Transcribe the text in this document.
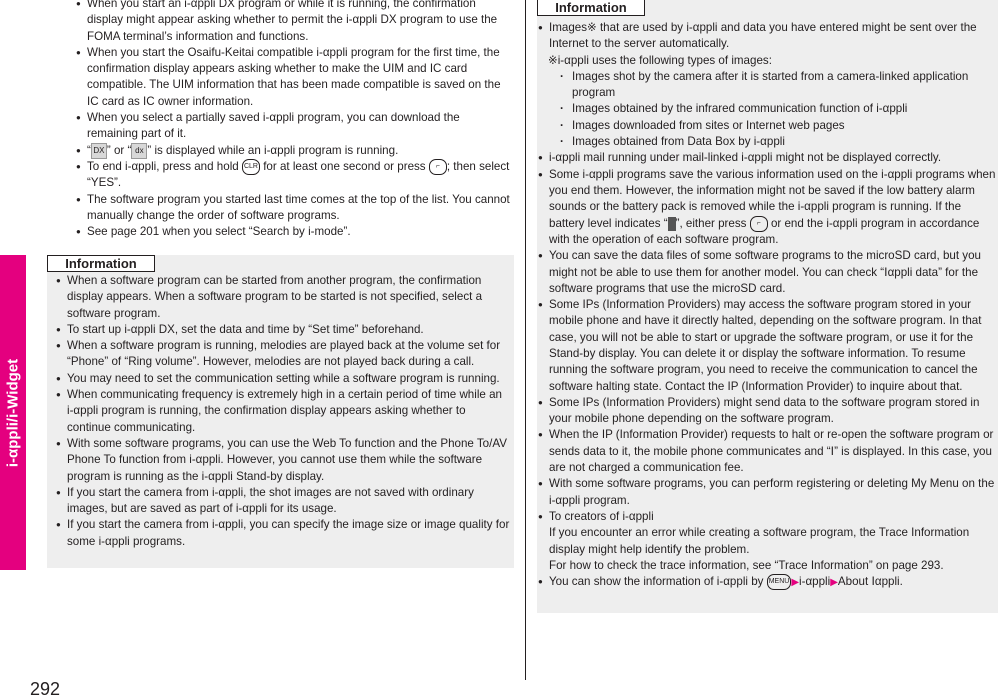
i-αppli/i-Widget
292

● When you start an i-αppli DX program or while it is running, the confirmation display might appear asking whether to permit the i-αppli DX program to use the FOMA terminal’s information and functions.

● When you start the Osaifu-Keitai compatible i-αppli program for the first time, the confirmation display appears asking whether to make the UIM and IC card compatible. The UIM information that has been made compatible is saved on the IC card as IC owner information.

● When you select a partially saved i-αppli program, you can download the remaining part of it.

● “ DX ” or “ dx ” is displayed while an i-αppli program is running.

● To end i-αppli, press and hold CLR for at least one second or press ⌐ ; then select “YES”.

● The software program you started last time comes at the top of the list. You cannot manually change the order of software programs.

● See page 201 when you select “Search by i-mode”.

Information

● When a software program can be started from another program, the confirmation display appears. When a software program to be started is not specified, select a software program.

● To start up i-αppli DX, set the data and time by “Set time” beforehand.

● When a software program is running, melodies are played back at the volume set for “Phone” of “Ring volume”. However, melodies are not played back during a call.

● You may need to set the communication setting while a software program is running.

● When communicating frequency is extremely high in a certain period of time while an i-αppli program is running, the confirmation display appears asking whether to continue communicating.

● With some software programs, you can use the Web To function and the Phone To/AV Phone To function from i-αppli. However, you cannot use them while the software program is running as the i-αppli Stand-by display.

● If you start the camera from i-αppli, the shot images are not saved with ordinary images, but are saved as part of i-αppli for its usage.

● If you start the camera from i-αppli, you can specify the image size or image quality for some i-αppli programs.

Information

● Images※ that are used by i-αppli and data you have entered might be sent over the Internet to the server automatically.

※i-αppli uses the following types of images:

· Images shot by the camera after it is started from a camera-linked application program

· Images obtained by the infrared communication function of i-αppli

· Images downloaded from sites or Internet web pages

· Images obtained from Data Box by i-αppli

● i-αppli mail running under mail-linked i-αppli might not be displayed correctly.

● Some i-αppli programs save the various information used on the i-αppli programs when you end them. However, the information might not be saved if the low battery alarm sounds or the battery pack is removed while the i-αppli program is running. If the battery level indicates “ ”, either press ⌐ or end the i-αppli program in accordance with the operation of each software program.

● You can save the data files of some software programs to the microSD card, but you might not be able to use them for another model. You can check “Ⅰαppli data” for the software programs that use the microSD card.

● Some IPs (Information Providers) may access the software program stored in your mobile phone and have it directly halted, depending on the software program. In that case, you will not be able to start or upgrade the software program, or use it for the Stand-by display. You can delete it or display the software information. To resume running the software program, you need to receive the communication to cancel the software halting state. Contact the IP (Information Provider) to inquire about that.

● Some IPs (Information Providers) might send data to the software program stored in your mobile phone depending on the software program.

● When the IP (Information Provider) requests to halt or re-open the software program or sends data to it, the mobile phone communicates and “Ⅰ” is displayed. In this case, you are not charged a communication fee.

● With some software programs, you can perform registering or deleting My Menu on the i-αppli program.

● To creators of i-αppli
If you encounter an error while creating a software program, the Trace Information display might help identify the problem.
For how to check the trace information, see “Trace Information” on page 293.

● You can show the information of i-αppli by MENU ▶i-αppli▶About Ⅰαppli.
